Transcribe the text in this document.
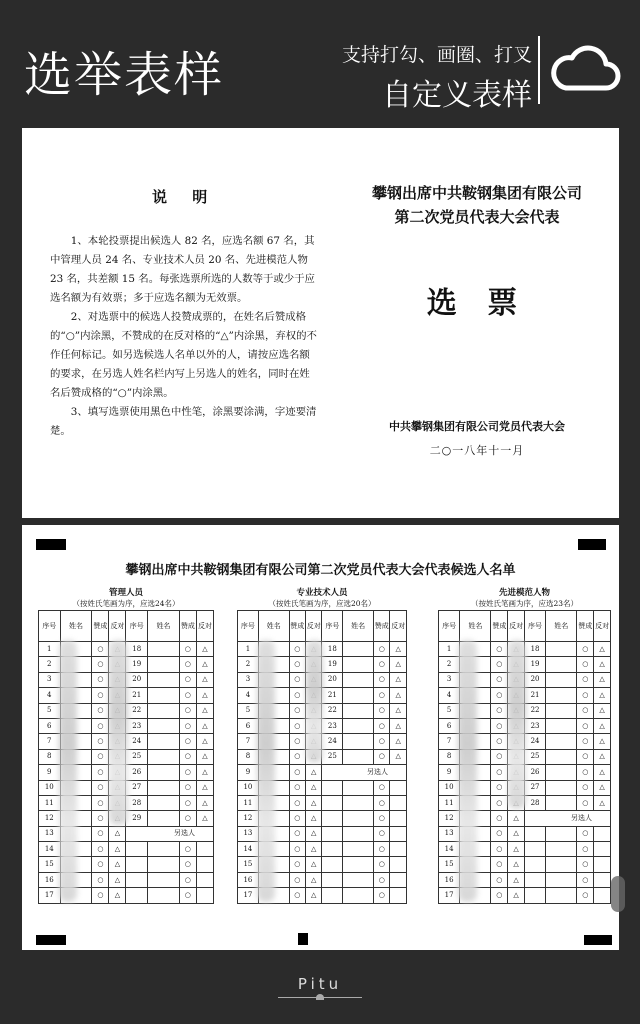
选举表样	支持打勾、画圈、打叉
自定义表样
说 明

1、本轮投票提出候选人 82 名，应选名额 67 名，其中管理人员 24 名、专业技术人员 20 名、先进模范人物 23 名，共差额 15 名。每张选票所选的人数等于或少于应选名额为有效票；多于应选名额为无效票。

2、对选票中的候选人投赞成票的，在姓名后赞成格的“○”内涂黑，不赞成的在反对格的“△”内涂黑，弃权的不作任何标记。如另选候选人名单以外的人，请按应选名额的要求，在另选人姓名栏内写上另选人的姓名，同时在姓名后赞成格的“○”内涂黑。

3、填写选票使用黑色中性笔，涂黑要涂满，字迹要清楚。

攀钢出席中共鞍钢集团有限公司
第二次党员代表大会代表
选 票
中共攀钢集团有限公司党员代表大会
二○一八年十一月
攀钢出席中共鞍钢集团有限公司第二次党员代表大会代表候选人名单
管理人员
（按姓氏笔画为序，应选24名）
序号	姓名	赞成	反对	序号	姓名	赞成	反对
1		○		18		○	△
2		○		19		○	△
3		○		20		○	△
4		○		21		○	△
5		○		22		○	△
6		○		23		○	△
7		○		24		○	△
8		○		25		○	△
9		○		26		○	△
10		○		27		○	△
11		○		28		○	△
12		○		29		○	△
13		○	△	另选人			
14		○	△			○	
15		○	△			○	
16		○	△			○	
17		○	△			○	
专业技术人员
（按姓氏笔画为序，应选20名）
序号	姓名	赞成	反对	序号	姓名	赞成	反对
1		○		18		○	△
2		○		19		○	△
3		○		20		○	△
4		○		21		○	△
5		○		22		○	△
6		○		23		○	△
7		○		24		○	△
8		○		25		○	△
9		○	△	另选人			
10		○	△			○	
11		○	△			○	
12		○	△			○	
13		○	△			○	
14		○	△			○	
15		○	△			○	
16		○	△			○	
17		○	△			○	
先进模范人物
（按姓氏笔画为序，应选23名）
序号	姓名	赞成	反对	序号	姓名	赞成	反对
1		○		18		○	△
2		○		19		○	△
3		○		20		○	△
4		○		21		○	△
5		○		22		○	△
6		○		23		○	△
7		○		24		○	△
8		○		25		○	△
9		○		26		○	△
10		○		27		○	△
11		○		28		○	△
12		○	△	另选人			
13		○	△			○	
14		○	△			○	
15		○	△			○	
16		○	△			○	
17		○	△			○	
Pitu
